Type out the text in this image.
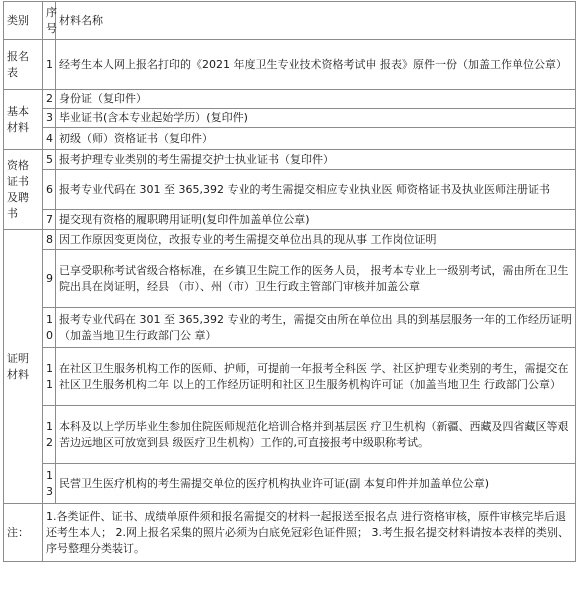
类别	序号	材料名称
报名表	1	经考生本人网上报名打印的《2021 年度卫生专业技术资格考试申 报表》原件一份（加盖工作单位公章）
基本材料	2	身份证（复印件）
	3	毕业证书(含本专业起始学历）(复印件)
	4	初级（师）资格证书（复印件）
资格证书及聘书	5	报考护理专业类别的考生需提交护士执业证书（复印件）
	6	报考专业代码在 301 至 365,392 专业的考生需提交相应专业执业医 师资格证书及执业医师注册证书
	7	提交现有资格的履职聘用证明(复印件加盖单位公章)
证明材料	8	因工作原因变更岗位，改报专业的考生需提交单位出具的现从事 工作岗位证明
	9	已享受职称考试省级合格标准，在乡镇卫生院工作的医务人员， 报考本专业上一级别考试，需由所在卫生院出具在岗证明，经县 （市）、州（市）卫生行政主管部门审核并加盖公章
	10	报考专业代码在 301 至 365,392 专业的考生，需提交由所在单位出 具的到基层服务一年的工作经历证明（加盖当地卫生行政部门公 章）
	11	在社区卫生服务机构工作的医师、护师，可提前一年报考全科医 学、社区护理专业类别的考生，需提交在社区卫生服务机构二年 以上的工作经历证明和社区卫生服务机构许可证（加盖当地卫生 行政部门公章）
	12	本科及以上学历毕业生参加住院医师规范化培训合格并到基层医 疗卫生机构（新疆、西藏及四省藏区等艰苦边远地区可放宽到县 级医疗卫生机构）工作的,可直接报考中级职称考试。
	13	民营卫生医疗机构的考生需提交单位的医疗机构执业许可证(副 本复印件并加盖单位公章)
注：	1.各类证件、证书、成绩单原件须和报名需提交的材料一起报送至报名点 进行资格审核，原件审核完毕后退还考生本人； 2.网上报名采集的照片必须为白底免冠彩色证件照； 3.考生报名提交材料请按本表样的类别、序号整理分类装订。	
